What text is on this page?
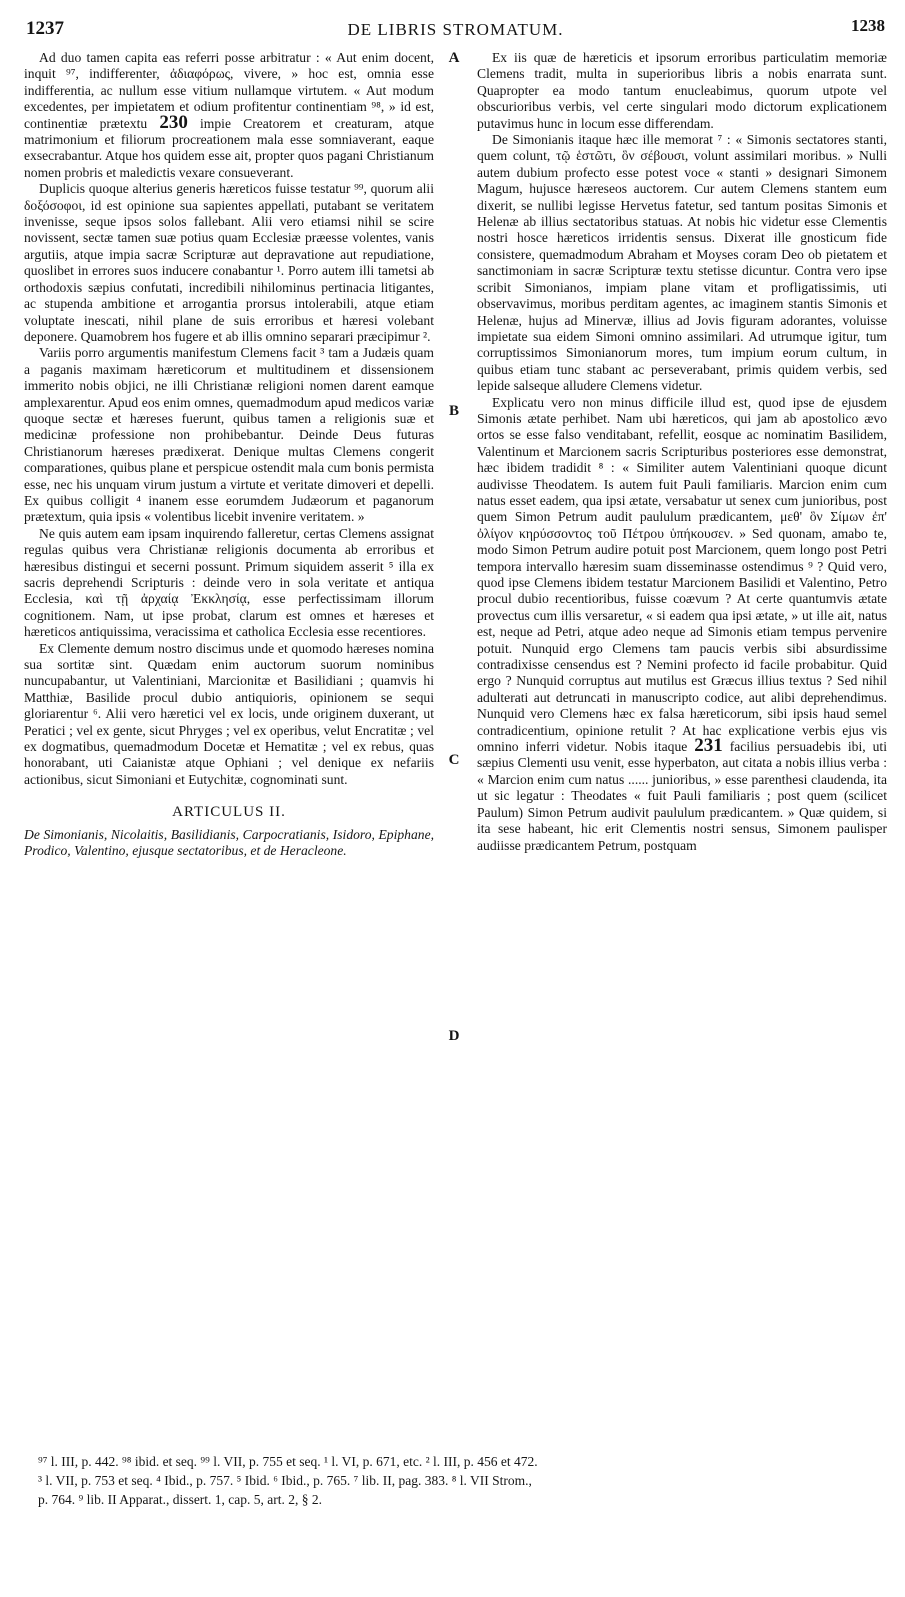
1237	DE LIBRIS STROMATUM.	1238
A
B
C
D

Ad duo tamen capita eas referri posse arbitratur : « Aut enim docent, inquit ⁹⁷, indifferenter, ἀδιαφόρως, vivere, » hoc est, omnia esse indifferentia, ac nullum esse vitium nullamque virtutem. « Aut modum excedentes, per impietatem et odium profitentur continentiam ⁹⁸, » id est, continentiæ prætextu 230 impie Creatorem et creaturam, atque matrimonium et filiorum procreationem mala esse somniaverant, eaque exsecrabantur. Atque hos quidem esse ait, propter quos pagani Christianum nomen probris et maledictis vexare consueverant.

Duplicis quoque alterius generis hæreticos fuisse testatur ⁹⁹, quorum alii δοξόσοφοι, id est opinione sua sapientes appellati, putabant se veritatem invenisse, seque ipsos solos fallebant. Alii vero etiamsi nihil se scire novissent, sectæ tamen suæ potius quam Ecclesiæ præesse volentes, vanis argutiis, atque impia sacræ Scripturæ aut depravatione aut repudiatione, quoslibet in errores suos inducere conabantur ¹. Porro autem illi tametsi ab orthodoxis sæpius confutati, incredibili nihilominus pertinacia litigantes, ac stupenda ambitione et arrogantia prorsus intolerabili, atque etiam voluptate inescati, nihil plane de suis erroribus et hæresi volebant deponere. Quamobrem hos fugere et ab illis omnino separari præcipimur ².

Variis porro argumentis manifestum Clemens facit ³ tam a Judæis quam a paganis maximam hæreticorum et multitudinem et dissensionem immerito nobis objici, ne illi Christianæ religioni nomen darent eamque amplexarentur. Apud eos enim omnes, quemadmodum apud medicos variæ quoque sectæ et hæreses fuerunt, quibus tamen a religionis suæ et medicinæ professione non prohibebantur. Deinde Deus futuras Christianorum hæreses prædixerat. Denique multas Clemens congerit comparationes, quibus plane et perspicue ostendit mala cum bonis permista esse, nec his unquam virum justum a virtute et veritate dimoveri et depelli. Ex quibus colligit ⁴ inanem esse eorumdem Judæorum et paganorum prætextum, quia ipsis « volentibus licebit invenire veritatem. »

Ne quis autem eam ipsam inquirendo falleretur, certas Clemens assignat regulas quibus vera Christianæ religionis documenta ab erroribus et hæresibus distingui et secerni possunt. Primum siquidem asserit ⁵ illa ex sacris deprehendi Scripturis : deinde vero in sola veritate et antiqua Ecclesia, καὶ τῇ ἀρχαίᾳ Ἐκκλησίᾳ, esse perfectissimam illorum cognitionem. Nam, ut ipse probat, clarum est omnes et hæreses et hæreticos antiquissima, veracissima et catholica Ecclesia esse recentiores.

Ex Clemente demum nostro discimus unde et quomodo hæreses nomina sua sortitæ sint. Quædam enim auctorum suorum nominibus nuncupabantur, ut Valentiniani, Marcionitæ et Basilidiani ; quamvis hi Matthiæ, Basilide procul dubio antiquioris, opinionem se sequi gloriarentur ⁶. Alii vero hæretici vel ex locis, unde originem duxerant, ut Peratici ; vel ex gente, sicut Phryges ; vel ex operibus, velut Encratitæ ; vel ex dogmatibus, quemadmodum Docetæ et Hematitæ ; vel ex rebus, quas honorabant, uti Caianistæ atque Ophiani ; vel denique ex nefariis actionibus, sicut Simoniani et Eutychitæ, cognominati sunt.

ARTICULUS II.

De Simonianis, Nicolaitis, Basilidianis, Carpocratianis, Isidoro, Epiphane, Prodico, Valentino, ejusque sectatoribus, et de Heracleone.

Ex iis quæ de hæreticis et ipsorum erroribus particulatim memoriæ Clemens tradit, multa in superioribus libris a nobis enarrata sunt. Quapropter ea modo tantum enucleabimus, quorum utpote vel obscurioribus verbis, vel certe singulari modo dictorum explicationem putavimus hunc in locum esse differendam.

De Simonianis itaque hæc ille memorat ⁷ : « Simonis sectatores stanti, quem colunt, τῷ ἑστῶτι, ὃν σέβουσι, volunt assimilari moribus. » Nulli autem dubium profecto esse potest voce « stanti » designari Simonem Magum, hujusce hæreseos auctorem. Cur autem Clemens stantem eum dixerit, se nullibi legisse Hervetus fatetur, sed tantum positas Simonis et Helenæ ab illius sectatoribus statuas. At nobis hic videtur esse Clementis nostri hosce hæreticos irridentis sensus. Dixerat ille gnosticum fide consistere, quemadmodum Abraham et Moyses coram Deo ob pietatem et sanctimoniam in sacræ Scripturæ textu stetisse dicuntur. Contra vero ipse scribit Simonianos, impiam plane vitam et profligatissimis, uti observavimus, moribus perditam agentes, ac imaginem stantis Simonis et Helenæ, hujus ad Minervæ, illius ad Jovis figuram adorantes, voluisse impietate sua eidem Simoni omnino assimilari. Ad utrumque igitur, tum corruptissimos Simonianorum mores, tum impium eorum cultum, in quibus etiam tunc stabant ac perseverabant, primis quidem verbis, sed lepide salseque alludere Clemens videtur.

Explicatu vero non minus difficile illud est, quod ipse de ejusdem Simonis ætate perhibet. Nam ubi hæreticos, qui jam ab apostolico ævo ortos se esse falso venditabant, refellit, eosque ac nominatim Basilidem, Valentinum et Marcionem sacris Scripturibus posteriores esse demonstrat, hæc ibidem tradidit ⁸ : « Similiter autem Valentiniani quoque dicunt audivisse Theodatem. Is autem fuit Pauli familiaris. Marcion enim cum natus esset eadem, qua ipsi ætate, versabatur ut senex cum junioribus, post quem Simon Petrum audit paululum prædicantem, μεθ' ὃν Σίμων ἐπ' ὀλίγον κηρύσσοντος τοῦ Πέτρου ὑπήκουσεν. » Sed quonam, amabo te, modo Simon Petrum audire potuit post Marcionem, quem longo post Petri tempora intervallo hæresim suam disseminasse ostendimus ⁹ ? Quid vero, quod ipse Clemens ibidem testatur Marcionem Basilidi et Valentino, Petro procul dubio recentioribus, fuisse coævum ? At certe quantumvis ætate provectus cum illis versaretur, « si eadem qua ipsi ætate, » ut ille ait, natus est, neque ad Petri, atque adeo neque ad Simonis etiam tempus pervenire potuit. Nunquid ergo Clemens tam paucis verbis sibi absurdissime contradixisse censendus est ? Nemini profecto id facile probabitur. Quid ergo ? Nunquid corruptus aut mutilus est Græcus illius textus ? Sed nihil adulterati aut detruncati in manuscripto codice, aut alibi deprehendimus. Nunquid vero Clemens hæc ex falsa hæreticorum, sibi ipsis haud semel contradicentium, opinione retulit ? At hac explicatione verbis ejus vis omnino inferri videtur. Nobis itaque 231 facilius persuadebis ibi, uti sæpius Clementi usu venit, esse hyperbaton, aut citata a nobis illius verba : « Marcion enim cum natus ...... junioribus, » esse parenthesi claudenda, ita ut sic legatur : Theodates « fuit Pauli familiaris ; post quem (scilicet Paulum) Simon Petrum audivit paululum prædicantem. » Quæ quidem, si ita sese habeant, hic erit Clementis nostri sensus, Simonem paulisper audiisse prædicantem Petrum, postquam

⁹⁷ l. III, p. 442. ⁹⁸ ibid. et seq. ⁹⁹ l. VII, p. 755 et seq. ¹ l. VI, p. 671, etc. ² l. III, p. 456 et 472.
³ l. VII, p. 753 et seq. ⁴ Ibid., p. 757. ⁵ Ibid. ⁶ Ibid., p. 765. ⁷ lib. II, pag. 383. ⁸ l. VII Strom.,
p. 764. ⁹ lib. II Apparat., dissert. 1, cap. 5, art. 2, § 2.
